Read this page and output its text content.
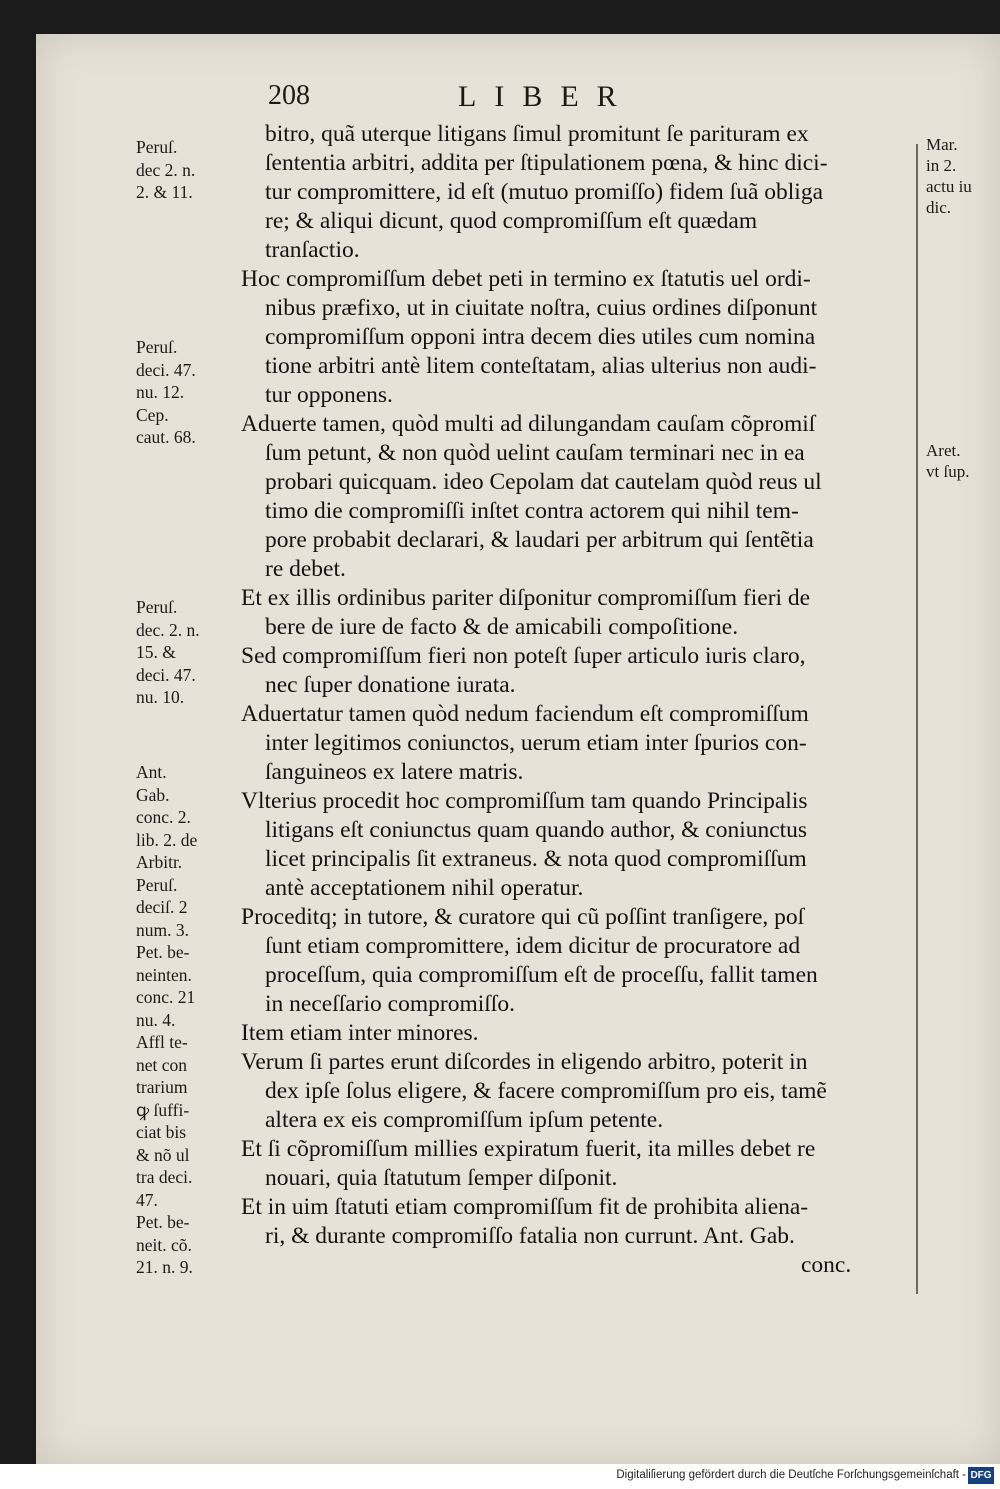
208	LIBER
Peruſ.
dec 2. n.
2. & 11.
Peruſ.
deci. 47.
nu. 12.
Cep.
caut. 68.
Peruſ.
dec. 2. n.
15. &
deci. 47.
nu. 10.
Ant.
Gab.
conc. 2.
lib. 2. de
Arbitr.
Peruſ.
deciſ. 2
num. 3.
Pet. be-
neinten.
conc. 21
nu. 4.
Affl te-
net con
trarium
ꝙ ſuffi-
ciat bis
& nõ ul
tra deci.
47.
Pet. be-
neit. cõ.
21. n. 9.
bitro, quã uterque litigans ſimul promitunt ſe parituram ex
ſententia arbitri, addita per ſtipulationem pœna, & hinc dici-
tur compromittere, id eſt (mutuo promiſſo) fidem ſuã obliga
re; & aliqui dicunt, quod compromiſſum eſt quædam
tranſactio.
Hoc compromiſſum debet peti in termino ex ſtatutis uel ordi-
nibus præfixo, ut in ciuitate noſtra, cuius ordines diſponunt
compromiſſum opponi intra decem dies utiles cum nomina
tione arbitri antè litem conteſtatam, alias ulterius non audi-
tur opponens.
Aduerte tamen, quòd multi ad dilungandam cauſam cõpromiſ
ſum petunt, & non quòd uelint cauſam terminari nec in ea
probari quicquam. ideo Cepolam dat cautelam quòd reus ul
timo die compromiſſi inſtet contra actorem qui nihil tem-
pore probabit declarari, & laudari per arbitrum qui ſentẽtia
re debet.
Et ex illis ordinibus pariter diſponitur compromiſſum fieri de
bere de iure de facto & de amicabili compoſitione.
Sed compromiſſum fieri non poteſt ſuper articulo iuris claro,
nec ſuper donatione iurata.
Aduertatur tamen quòd nedum faciendum eſt compromiſſum
inter legitimos coniunctos, uerum etiam inter ſpurios con-
ſanguineos ex latere matris.
Vlterius procedit hoc compromiſſum tam quando Principalis
litigans eſt coniunctus quam quando author, & coniunctus
licet principalis ſit extraneus. & nota quod compromiſſum
antè acceptationem nihil operatur.
Proceditq; in tutore, & curatore qui cũ poſſint tranſigere, poſ
ſunt etiam compromittere, idem dicitur de procuratore ad
proceſſum, quia compromiſſum eſt de proceſſu, fallit tamen
in neceſſario compromiſſo.
Item etiam inter minores.
Verum ſi partes erunt diſcordes in eligendo arbitro, poterit in
dex ipſe ſolus eligere, & facere compromiſſum pro eis, tamẽ
altera ex eis compromiſſum ipſum petente.
Et ſi cõpromiſſum millies expiratum fuerit, ita milles debet re
nouari, quia ſtatutum ſemper diſponit.
Et in uim ſtatuti etiam compromiſſum fit de prohibita aliena-
ri, & durante compromiſſo fatalia non currunt. Ant. Gab.
conc.
Mar.
in 2.
actu iu
dic.
Aret.
vt ſup.
Digitaliſierung gefördert durch die Deutſche Forſchungsgemeinſchaft - DFG
